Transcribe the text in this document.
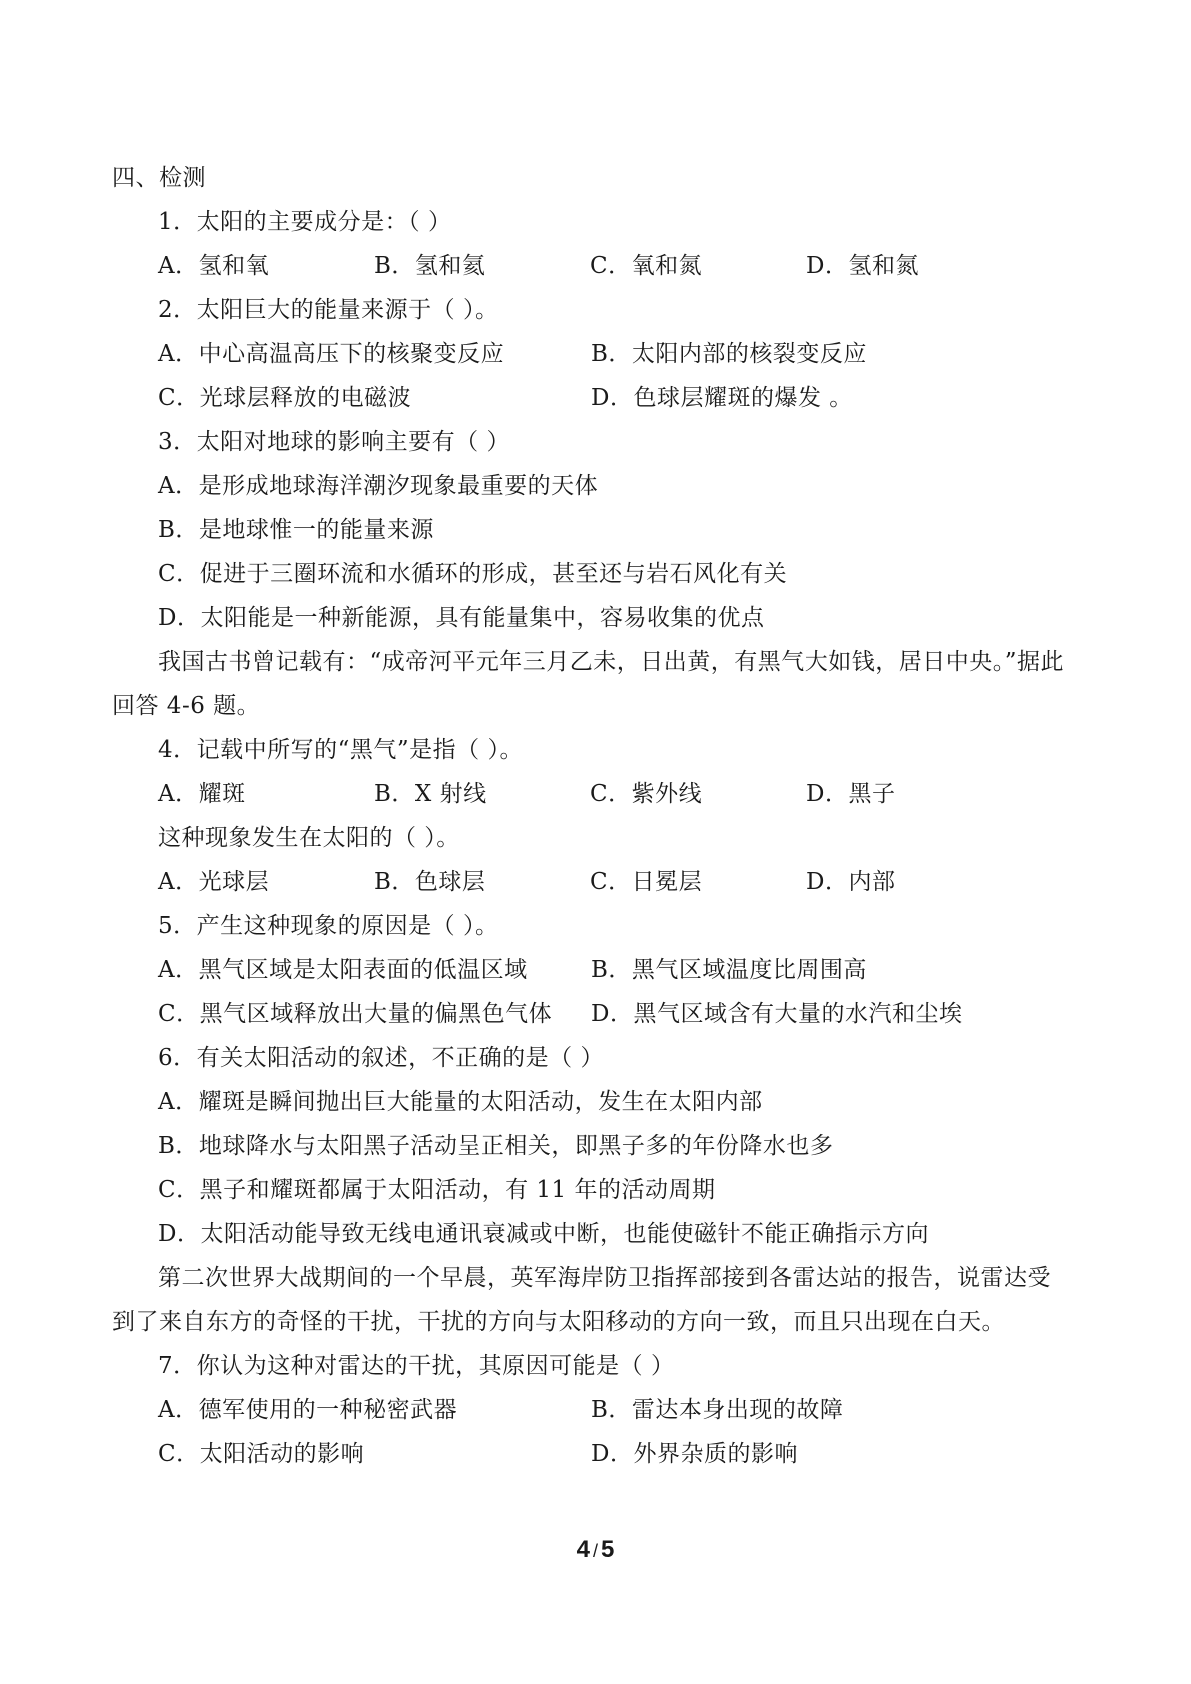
四、检测
1．太阳的主要成分是：（ ）
A．氢和氧	B．氢和氦	C．氧和氮	D．氢和氮
2．太阳巨大的能量来源于（ ）。
A．中心高温高压下的核聚变反应	B．太阳内部的核裂变反应
C．光球层释放的电磁波	D．色球层耀斑的爆发 。
3．太阳对地球的影响主要有（ ）
A．是形成地球海洋潮汐现象最重要的天体
B．是地球惟一的能量来源
C．促进于三圈环流和水循环的形成，甚至还与岩石风化有关
D．太阳能是一种新能源，具有能量集中，容易收集的优点
我国古书曾记载有：“成帝河平元年三月乙未，日出黄，有黑气大如钱，居日中央。”据此回答 4-6 题。
4．记载中所写的“黑气”是指（ ）。
A．耀斑	B．X 射线	C．紫外线	D．黑子
这种现象发生在太阳的（ ）。
A．光球层	B．色球层	C．日冕层	D．内部
5．产生这种现象的原因是（ ）。
A．黑气区域是太阳表面的低温区域	B．黑气区域温度比周围高
C．黑气区域释放出大量的偏黑色气体	D．黑气区域含有大量的水汽和尘埃
6．有关太阳活动的叙述，不正确的是（ ）
A．耀斑是瞬间抛出巨大能量的太阳活动，发生在太阳内部
B．地球降水与太阳黑子活动呈正相关，即黑子多的年份降水也多
C．黑子和耀斑都属于太阳活动，有 11 年的活动周期
D．太阳活动能导致无线电通讯衰减或中断，也能使磁针不能正确指示方向
第二次世界大战期间的一个早晨，英军海岸防卫指挥部接到各雷达站的报告，说雷达受到了来自东方的奇怪的干扰，干扰的方向与太阳移动的方向一致，而且只出现在白天。
7．你认为这种对雷达的干扰，其原因可能是（ ）
A．德军使用的一种秘密武器	B．雷达本身出现的故障
C．太阳活动的影响	D．外界杂质的影响
4 / 5
